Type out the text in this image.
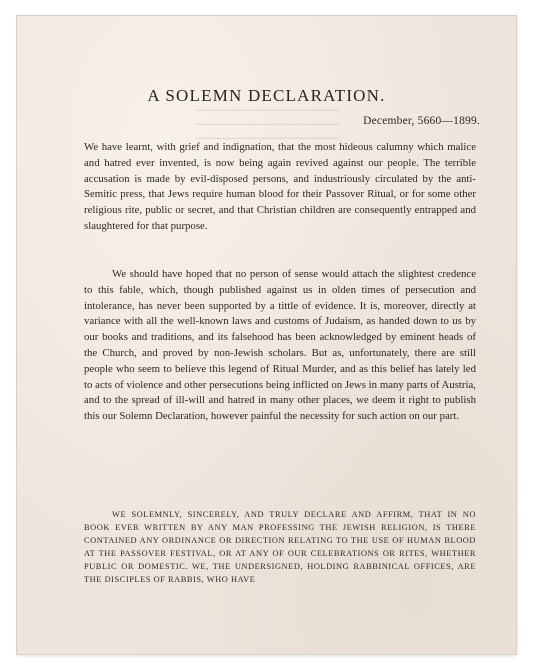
━━━━━━━━━━━━━━━━━━━━━━━━━━━━
━━━━━━━━━━━━━━━━━━━━━━━━━━━━
━━━━━━━━━━━━━━━━━━━━━━━━━━━━
A SOLEMN DECLARATION.
December, 5660—1899.

We have learnt, with grief and indignation, that the most hideous calumny which malice and hatred ever invented, is now being again revived against our people. The terrible accusation is made by evil-disposed persons, and industriously circulated by the anti-Semitic press, that Jews require human blood for their Passover Ritual, or for some other religious rite, public or secret, and that Christian children are consequently entrapped and slaughtered for that purpose.

We should have hoped that no person of sense would attach the slightest credence to this fable, which, though published against us in olden times of persecution and intolerance, has never been supported by a tittle of evidence. It is, moreover, directly at variance with all the well-known laws and customs of Judaism, as handed down to us by our books and traditions, and its falsehood has been acknowledged by eminent heads of the Church, and proved by non-Jewish scholars. But as, unfortunately, there are still people who seem to believe this legend of Ritual Murder, and as this belief has lately led to acts of violence and other persecutions being inflicted on Jews in many parts of Austria, and to the spread of ill-will and hatred in many other places, we deem it right to publish this our Solemn Declaration, however painful the necessity for such action on our part.

WE SOLEMNLY, SINCERELY, AND TRULY DECLARE AND AFFIRM, THAT IN NO BOOK EVER WRITTEN BY ANY MAN PROFESSING THE JEWISH RELIGION, IS THERE CONTAINED ANY ORDINANCE OR DIRECTION RELATING TO THE USE OF HUMAN BLOOD AT THE PASSOVER FESTIVAL, OR AT ANY OF OUR CELEBRATIONS OR RITES, WHETHER PUBLIC OR DOMESTIC. WE, THE UNDERSIGNED, HOLDING RABBINICAL OFFICES, ARE THE DISCIPLES OF RABBIS, WHO HAVE
